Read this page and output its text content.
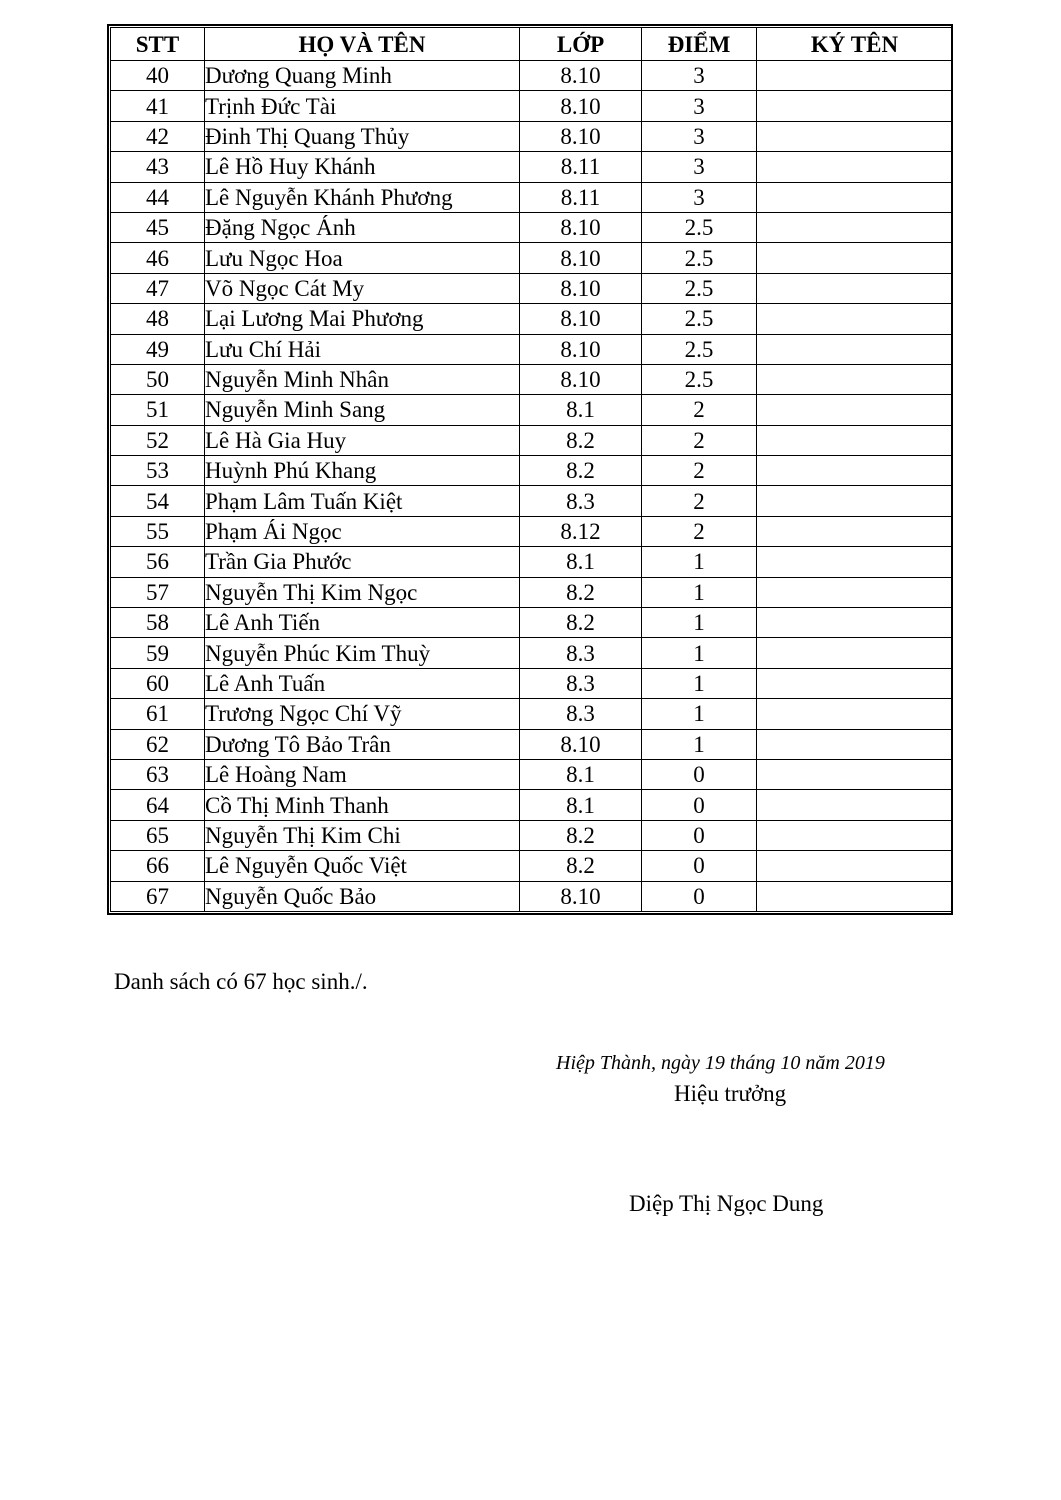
STT	HỌ VÀ TÊN	LỚP	ĐIỂM	KÝ TÊN
40	Dương Quang Minh	8.10	3	
41	Trịnh Đức Tài	8.10	3	
42	Đinh Thị Quang Thủy	8.10	3	
43	Lê Hồ Huy Khánh	8.11	3	
44	Lê Nguyễn Khánh Phương	8.11	3	
45	Đặng Ngọc Ánh	8.10	2.5	
46	Lưu Ngọc Hoa	8.10	2.5	
47	Võ Ngọc Cát My	8.10	2.5	
48	Lại Lương Mai Phương	8.10	2.5	
49	Lưu Chí Hải	8.10	2.5	
50	Nguyễn Minh Nhân	8.10	2.5	
51	Nguyễn Minh Sang	8.1	2	
52	Lê Hà Gia Huy	8.2	2	
53	Huỳnh Phú Khang	8.2	2	
54	Phạm Lâm Tuấn Kiệt	8.3	2	
55	Phạm Ái Ngọc	8.12	2	
56	Trần Gia Phước	8.1	1	
57	Nguyễn Thị Kim Ngọc	8.2	1	
58	Lê Anh Tiến	8.2	1	
59	Nguyễn Phúc Kim Thuỳ	8.3	1	
60	Lê Anh Tuấn	8.3	1	
61	Trương Ngọc Chí Vỹ	8.3	1	
62	Dương Tô Bảo Trân	8.10	1	
63	Lê Hoàng Nam	8.1	0	
64	Cồ Thị Minh Thanh	8.1	0	
65	Nguyễn Thị Kim Chi	8.2	0	
66	Lê Nguyễn Quốc Việt	8.2	0	
67	Nguyễn Quốc Bảo	8.10	0	
Danh sách có 67 học sinh./.
Hiệp Thành, ngày 19 tháng 10 năm 2019
Hiệu trưởng
Diệp Thị Ngọc Dung
